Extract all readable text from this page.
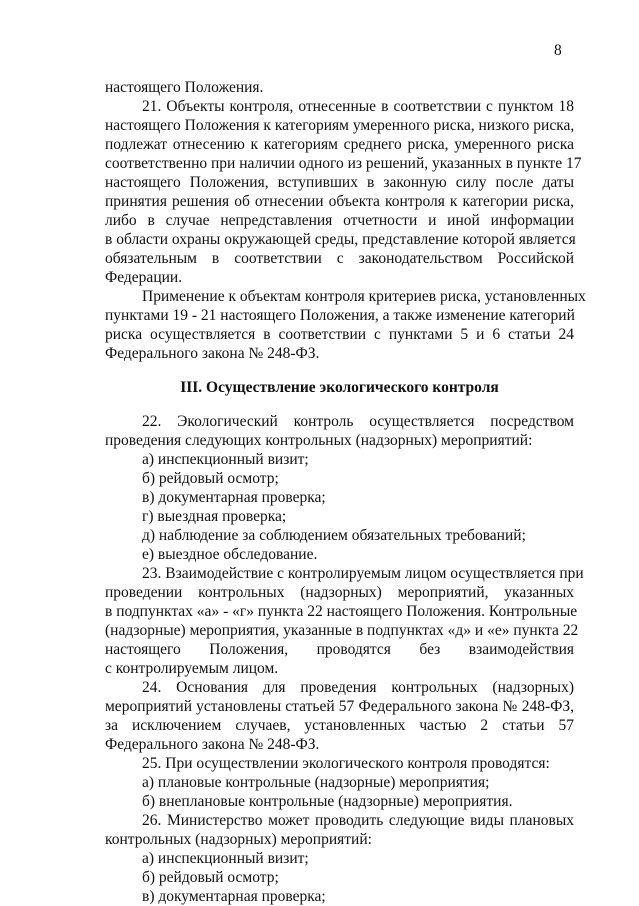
8
настоящего Положения.
21. Объекты контроля, отнесенные в соответствии с пунктом 18
настоящего Положения к категориям умеренного риска, низкого риска,
подлежат отнесению к категориям среднего риска, умеренного риска
соответственно при наличии одного из решений, указанных в пункте 17
настоящего Положения, вступивших в законную силу после даты
принятия решения об отнесении объекта контроля к категории риска,
либо в случае непредставления отчетности и иной информации
в области охраны окружающей среды, представление которой является
обязательным в соответствии с законодательством Российской
Федерации.
Применение к объектам контроля критериев риска, установленных
пунктами 19 - 21 настоящего Положения, а также изменение категорий
риска осуществляется в соответствии с пунктами 5 и 6 статьи 24
Федерального закона № 248-ФЗ.
III. Осуществление экологического контроля
22. Экологический контроль осуществляется посредством
проведения следующих контрольных (надзорных) мероприятий:
а) инспекционный визит;
б) рейдовый осмотр;
в) документарная проверка;
г) выездная проверка;
д) наблюдение за соблюдением обязательных требований;
е) выездное обследование.
23. Взаимодействие с контролируемым лицом осуществляется при
проведении контрольных (надзорных) мероприятий, указанных
в подпунктах «а» - «г» пункта 22 настоящего Положения. Контрольные
(надзорные) мероприятия, указанные в подпунктах «д» и «е» пункта 22
настоящего Положения, проводятся без взаимодействия
с контролируемым лицом.
24. Основания для проведения контрольных (надзорных)
мероприятий установлены статьей 57 Федерального закона № 248-ФЗ,
за исключением случаев, установленных частью 2 статьи 57
Федерального закона № 248-ФЗ.
25. При осуществлении экологического контроля проводятся:
а) плановые контрольные (надзорные) мероприятия;
б) внеплановые контрольные (надзорные) мероприятия.
26. Министерство может проводить следующие виды плановых
контрольных (надзорных) мероприятий:
а) инспекционный визит;
б) рейдовый осмотр;
в) документарная проверка;
